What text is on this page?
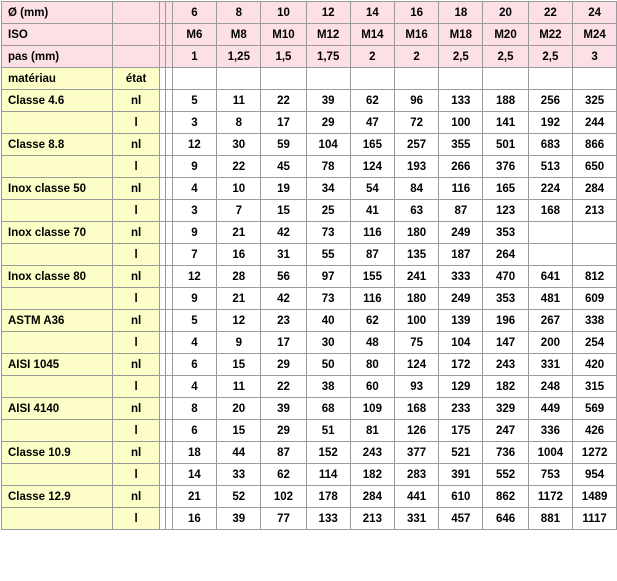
Ø (mm)				6	8	10	12	14	16	18	20	22	24
ISO				M6	M8	M10	M12	M14	M16	M18	M20	M22	M24
pas (mm)				1	1,25	1,5	1,75	2	2	2,5	2,5	2,5	3
matériau	état												
Classe 4.6	nl			5	11	22	39	62	96	133	188	256	325
	l			3	8	17	29	47	72	100	141	192	244
Classe 8.8	nl			12	30	59	104	165	257	355	501	683	866
	l			9	22	45	78	124	193	266	376	513	650
Inox classe 50	nl			4	10	19	34	54	84	116	165	224	284
	l			3	7	15	25	41	63	87	123	168	213
Inox classe 70	nl			9	21	42	73	116	180	249	353		
	l			7	16	31	55	87	135	187	264		
Inox classe 80	nl			12	28	56	97	155	241	333	470	641	812
	l			9	21	42	73	116	180	249	353	481	609
ASTM A36	nl			5	12	23	40	62	100	139	196	267	338
	l			4	9	17	30	48	75	104	147	200	254
AISI 1045	nl			6	15	29	50	80	124	172	243	331	420
	l			4	11	22	38	60	93	129	182	248	315
AISI 4140	nl			8	20	39	68	109	168	233	329	449	569
	l			6	15	29	51	81	126	175	247	336	426
Classe 10.9	nl			18	44	87	152	243	377	521	736	1004	1272
	l			14	33	62	114	182	283	391	552	753	954
Classe 12.9	nl			21	52	102	178	284	441	610	862	1172	1489
	l			16	39	77	133	213	331	457	646	881	1117
